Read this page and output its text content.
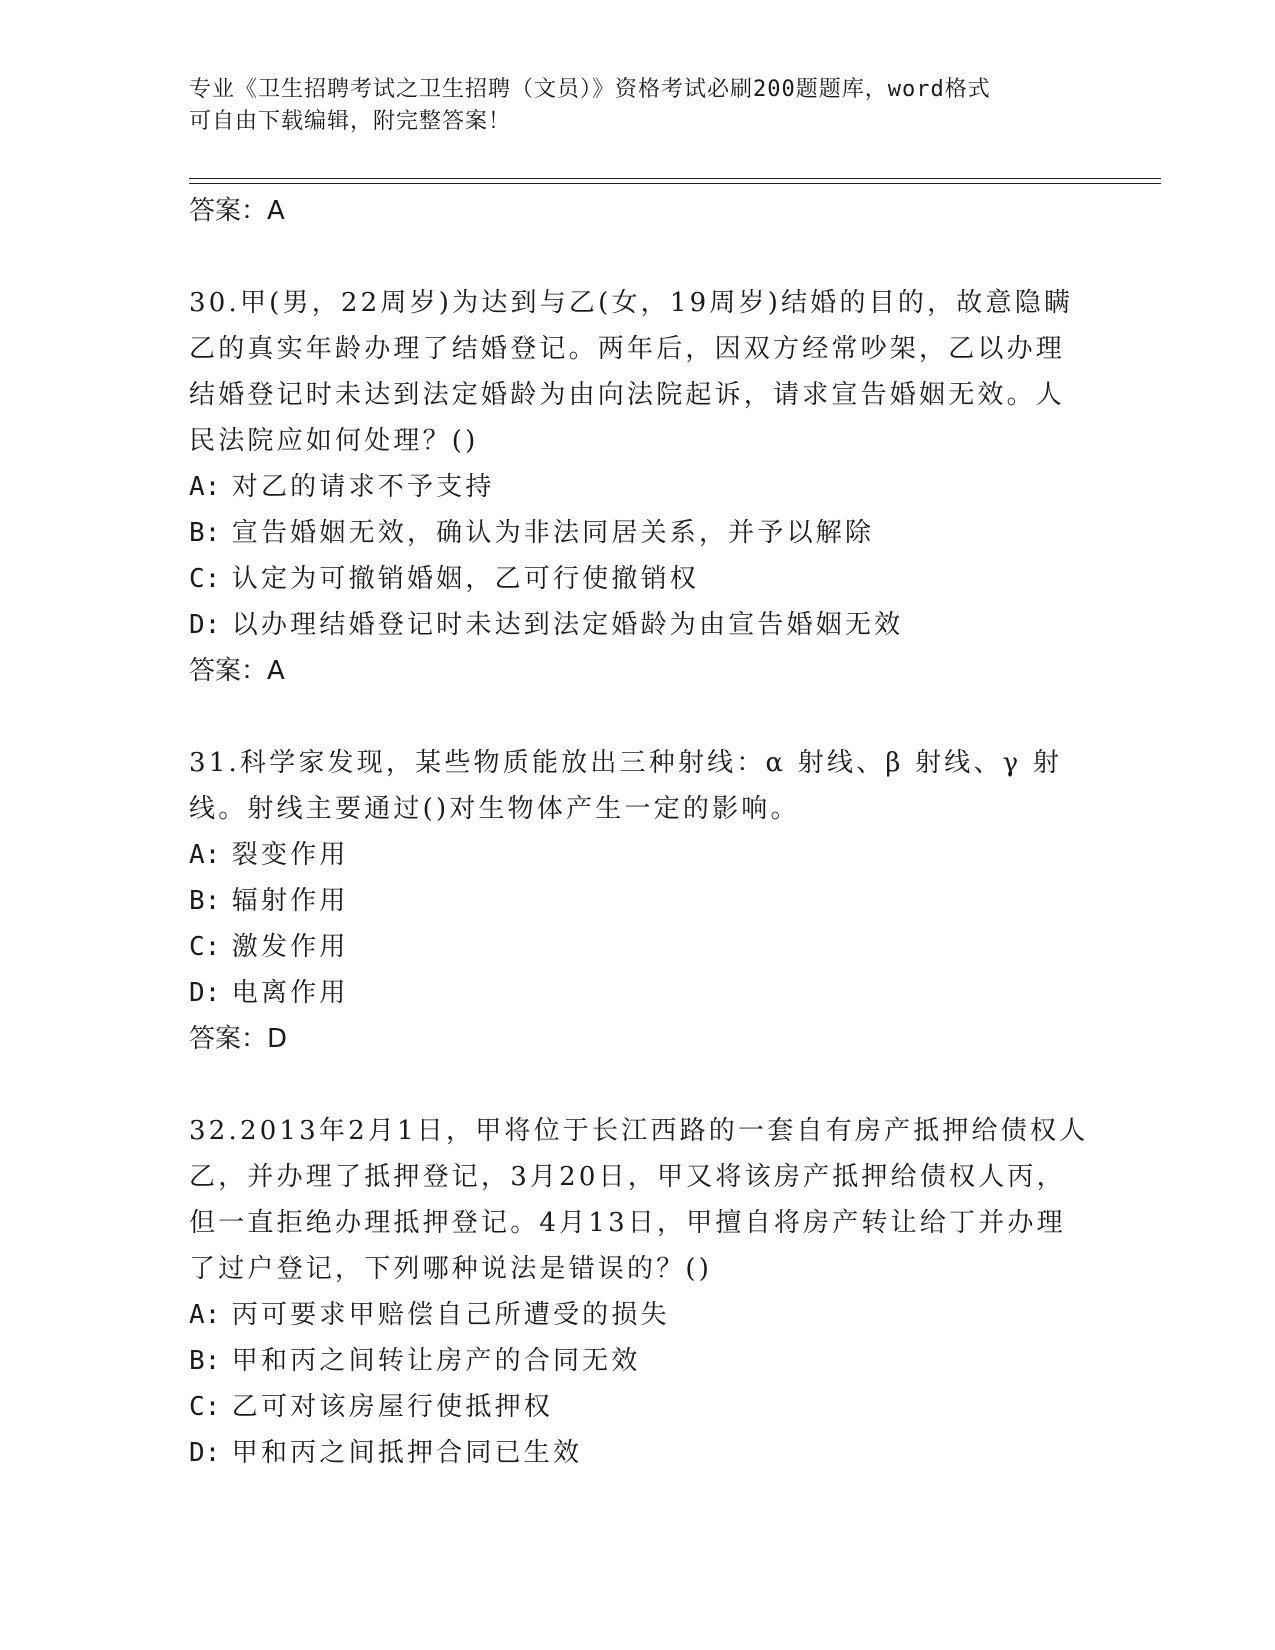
专业《卫生招聘考试之卫生招聘（文员）》资格考试必刷200题题库，word格式
可自由下载编辑，附完整答案！
答案：A
30.甲(男，22周岁)为达到与乙(女，19周岁)结婚的目的，故意隐瞒
乙的真实年龄办理了结婚登记。两年后，因双方经常吵架，乙以办理
结婚登记时未达到法定婚龄为由向法院起诉，请求宣告婚姻无效。人
民法院应如何处理？()
A: 对乙的请求不予支持
B: 宣告婚姻无效，确认为非法同居关系，并予以解除
C: 认定为可撤销婚姻，乙可行使撤销权
D: 以办理结婚登记时未达到法定婚龄为由宣告婚姻无效
答案：A
31.科学家发现，某些物质能放出三种射线：α 射线、β 射线、γ 射
线。射线主要通过()对生物体产生一定的影响。
A: 裂变作用
B: 辐射作用
C: 激发作用
D: 电离作用
答案：D
32.2013年2月1日，甲将位于长江西路的一套自有房产抵押给债权人
乙，并办理了抵押登记，3月20日，甲又将该房产抵押给债权人丙，
但一直拒绝办理抵押登记。4月13日，甲擅自将房产转让给丁并办理
了过户登记，下列哪种说法是错误的？()
A: 丙可要求甲赔偿自己所遭受的损失
B: 甲和丙之间转让房产的合同无效
C: 乙可对该房屋行使抵押权
D: 甲和丙之间抵押合同已生效
